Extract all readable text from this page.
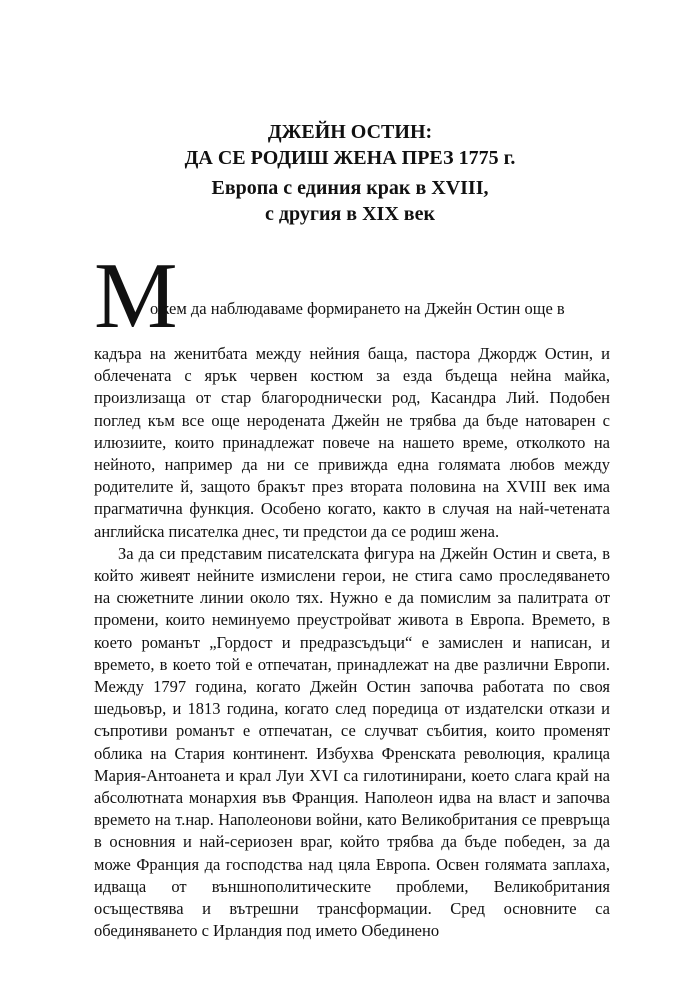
ДЖЕЙН ОСТИН:
ДА СЕ РОДИШ ЖЕНА ПРЕЗ 1775 г.
Европа с единия крак в XVIII,
с другия в XIX век
М
ожем да наблюдаваме формирането на Джейн Остин още в

кадъра на женитбата между нейния баща, пастора Джордж Остин, и облечената с ярък червен костюм за езда бъдеща нейна майка, произлизаща от стар благороднически род, Касандра Лий. Подобен поглед към все още неродената Джейн не трябва да бъде натоварен с илюзиите, които принадлежат повече на нашето време, отколкото на нейното, например да ни се привижда една голямата любов между родителите й, защото бракът през втората половина на XVIII век има прагматична функция. Особено когато, както в случая на най-четената английска писателка днес, ти предстои да се родиш жена.

За да си представим писателската фигура на Джейн Остин и света, в който живеят нейните измислени герои, не стига само проследяването на сюжетните линии около тях. Нужно е да помислим за палитрата от промени, които неминуемо преустройват живота в Европа. Времето, в което романът „Гордост и предразсъдъци“ е замислен и написан, и времето, в което той е отпечатан, принадлежат на две различни Европи. Между 1797 година, когато Джейн Остин започва работата по своя шедьовър, и 1813 година, когато след поредица от издателски откази и съпротиви романът е отпечатан, се случват събития, които променят облика на Стария континент. Избухва Френската революция, кралица Мария-Антоанета и крал Луи XVI са гилотинирани, което слага край на абсолютната монархия във Франция. Наполеон идва на власт и започва времето на т.нар. Наполеонови войни, като Великобритания се превръща в основния и най-сериозен враг, който трябва да бъде победен, за да може Франция да господства над цяла Европа. Освен голямата заплаха, идваща от външнополитическите проблеми, Великобритания осъществява и вътрешни трансформации. Сред основните са обединяването с Ирландия под името Обединено
